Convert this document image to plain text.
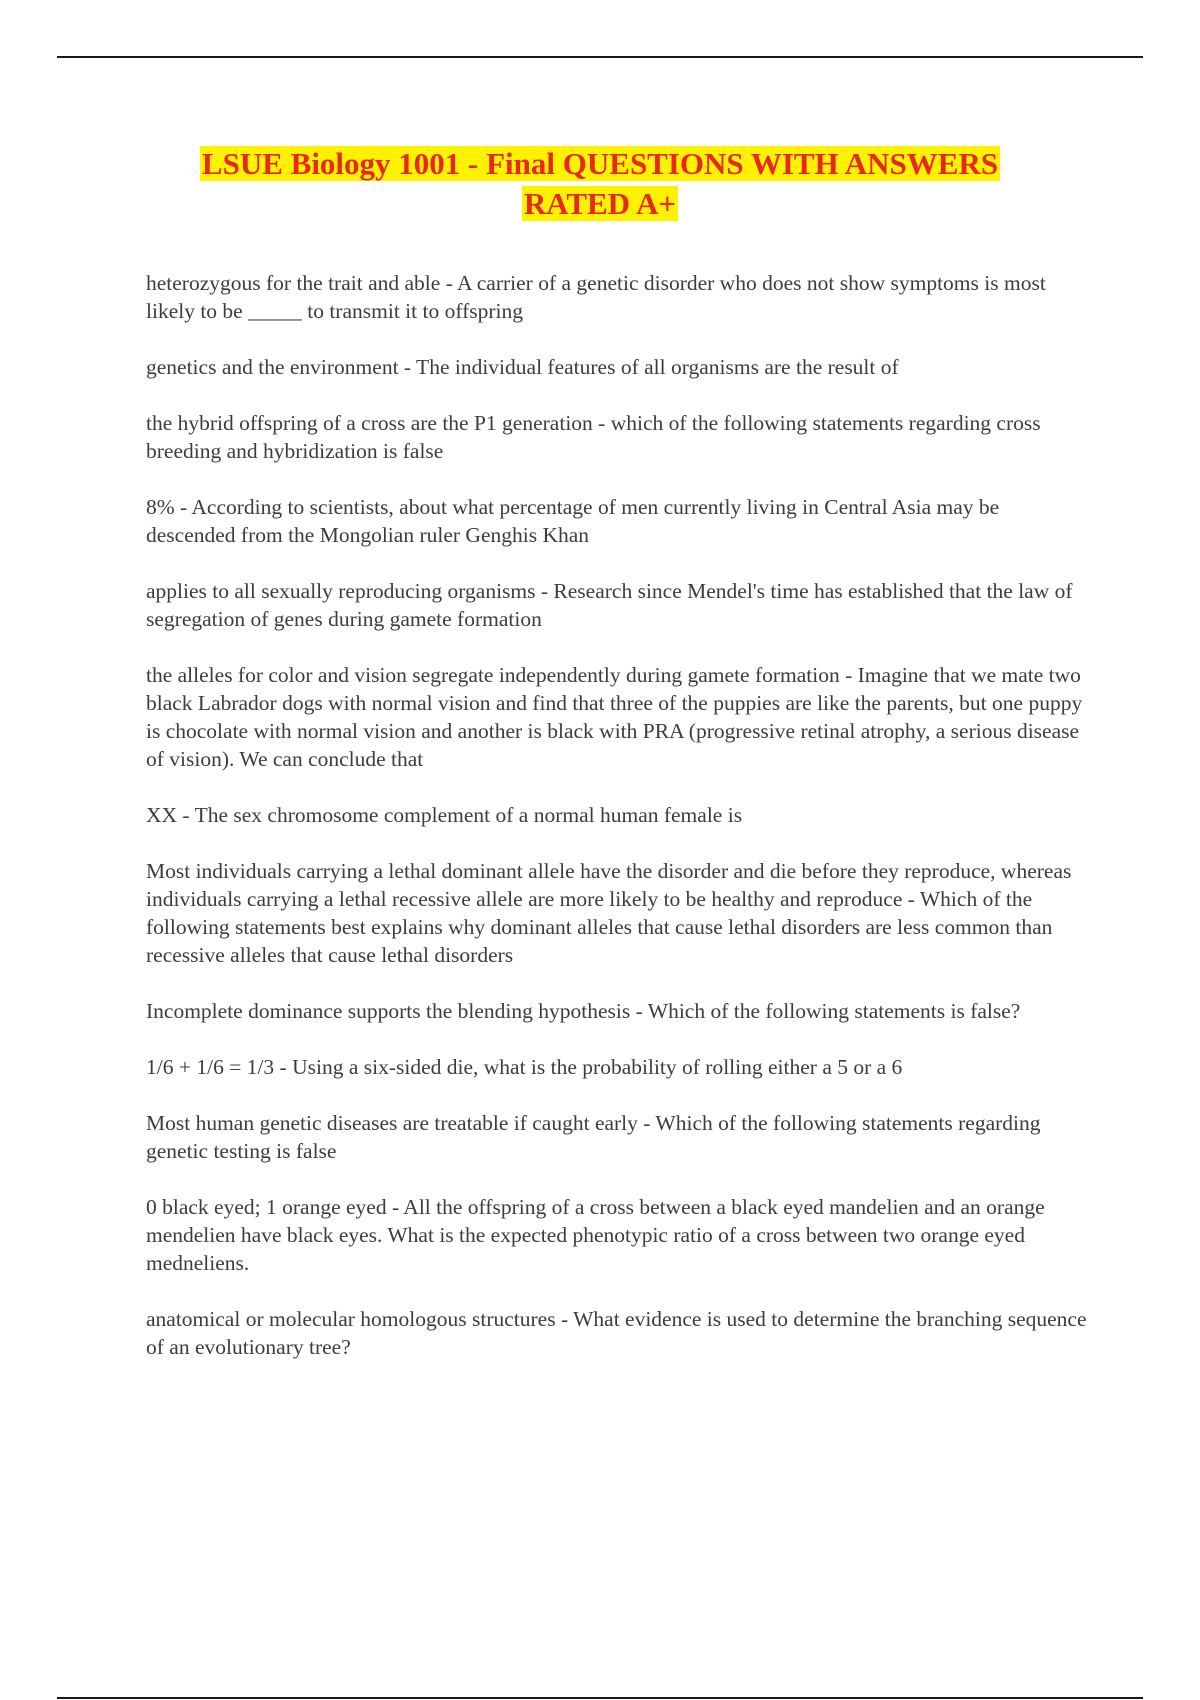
LSUE Biology 1001 - Final QUESTIONS WITH ANSWERS
RATED A+
heterozygous for the trait and able - A carrier of a genetic disorder who does not show symptoms is most likely to be _____ to transmit it to offspring
genetics and the environment - The individual features of all organisms are the result of
the hybrid offspring of a cross are the P1 generation - which of the following statements regarding cross breeding and hybridization is false
8% - According to scientists, about what percentage of men currently living in Central Asia may be descended from the Mongolian ruler Genghis Khan
applies to all sexually reproducing organisms - Research since Mendel's time has established that the law of segregation of genes during gamete formation
the alleles for color and vision segregate independently during gamete formation - Imagine that we mate two black Labrador dogs with normal vision and find that three of the puppies are like the parents, but one puppy is chocolate with normal vision and another is black with PRA (progressive retinal atrophy, a serious disease of vision). We can conclude that
XX - The sex chromosome complement of a normal human female is
Most individuals carrying a lethal dominant allele have the disorder and die before they reproduce, whereas individuals carrying a lethal recessive allele are more likely to be healthy and reproduce - Which of the following statements best explains why dominant alleles that cause lethal disorders are less common than recessive alleles that cause lethal disorders
Incomplete dominance supports the blending hypothesis - Which of the following statements is false?
1/6 + 1/6 = 1/3 - Using a six-sided die, what is the probability of rolling either a 5 or a 6
Most human genetic diseases are treatable if caught early - Which of the following statements regarding genetic testing is false
0 black eyed; 1 orange eyed - All the offspring of a cross between a black eyed mandelien and an orange mendelien have black eyes. What is the expected phenotypic ratio of a cross between two orange eyed medneliens.
anatomical or molecular homologous structures - What evidence is used to determine the branching sequence of an evolutionary tree?
